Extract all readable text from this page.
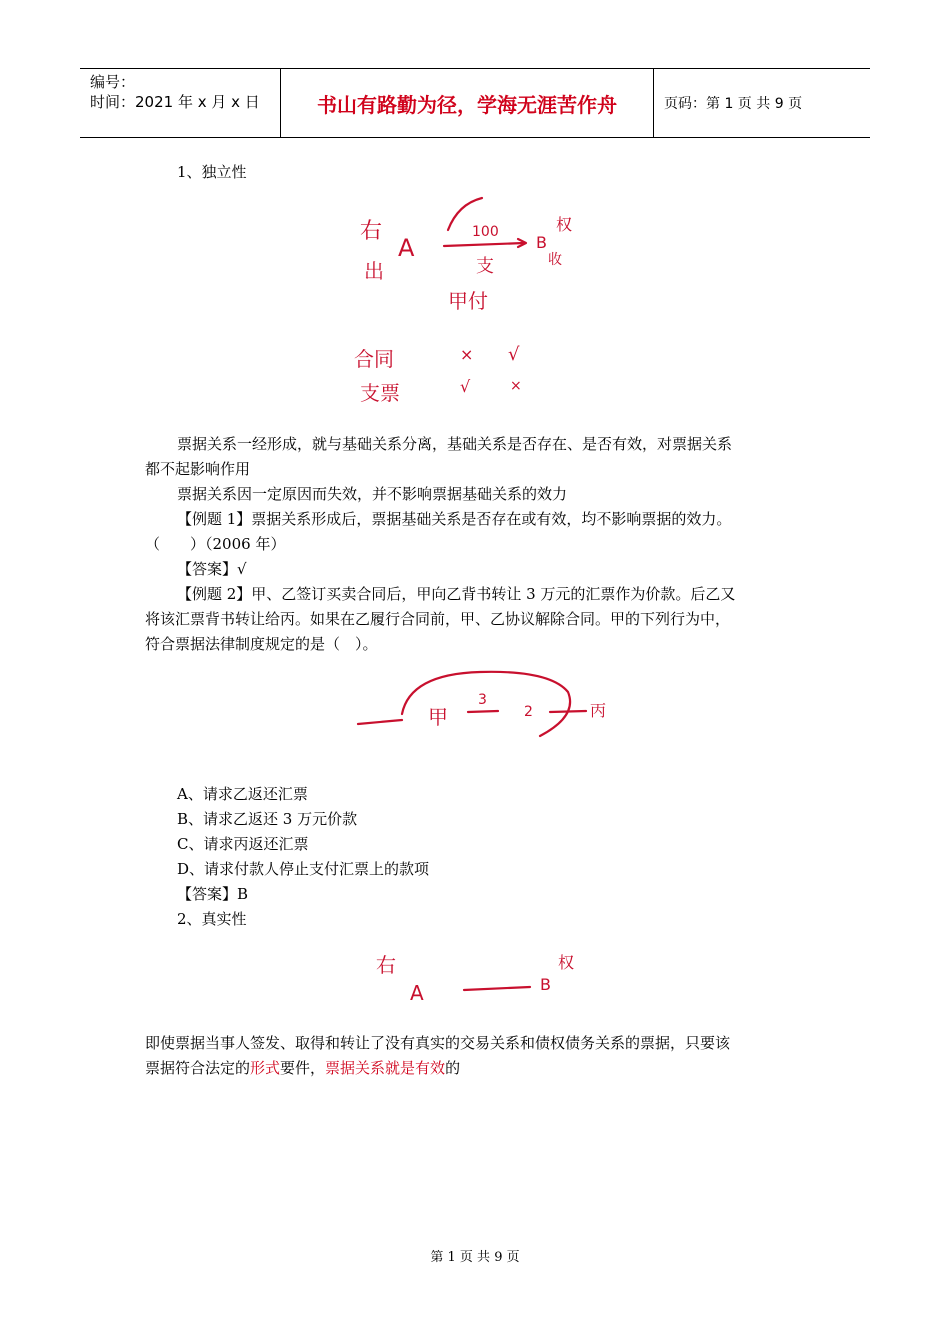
编号：
时间：2021 年 x 月 x 日	书山有路勤为径，学海无涯苦作舟	页码：第 1 页 共 9 页
1、独立性
右
出
A
100
支
B
权
收
甲付
合同	× √
支票	√	×
票据关系一经形成，就与基础关系分离，基础关系是否存在、是否有效，对票据关系
都不起影响作用
票据关系因一定原因而失效，并不影响票据基础关系的效力
【例题 1】票据关系形成后，票据基础关系是否存在或有效，均不影响票据的效力。
（　　）（2006 年）
【答案】√
【例题 2】甲、乙签订买卖合同后，甲向乙背书转让 3 万元的汇票作为价款。后乙又
将该汇票背书转让给丙。如果在乙履行合同前，甲、乙协议解除合同。甲的下列行为中，
符合票据法律制度规定的是（　）。
甲
3
2	丙
A、请求乙返还汇票
B、请求乙返还 3 万元价款
C、请求丙返还汇票
D、请求付款人停止支付汇票上的款项
【答案】B
2、真实性
右
A	B
权
即使票据当事人签发、取得和转让了没有真实的交易关系和债权债务关系的票据，只要该
票据符合法定的形式要件，票据关系就是有效的
第 1 页 共 9 页
